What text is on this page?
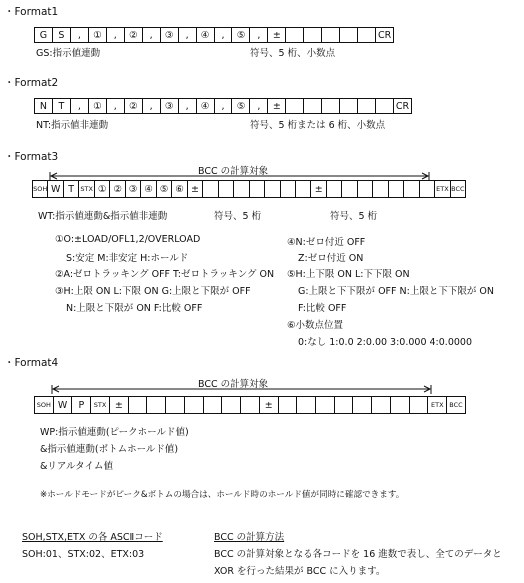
・Format1
G	S	,	①	,	②	,	③	,	④	,	⑤	,	±	CR
GS:指示値連動	符号、5 桁、小数点
・Format2
N	T	,	①	,	②	,	③	,	④	,	⑤	,	±	CR
NT:指示値非連動	符号、5 桁または 6 桁、小数点
・Format3
BCC の計算対象
SOH W T STX ① ② ③ ④ ⑤ ⑥ ±	±	ETX BCC
WT:指示値連動&指示値非連動	符号、5 桁	符号、5 桁
①O:±LOAD/OFL1,2/OVERLOAD
S:安定 M:非安定 H:ホールド
②A:ゼロトラッキング OFF T:ゼロトラッキング ON
③H:上限 ON L:下限 ON G:上限と下限が OFF
N:上限と下限が ON F:比較 OFF
④N:ゼロ付近 OFF
Z:ゼロ付近 ON
⑤H:上下限 ON L:下下限 ON
G:上限と下下限が OFF N:上限と下下限が ON
F:比較 OFF
⑥小数点位置
0:なし 1:0.0 2:0.00 3:0.000 4:0.0000
・Format4
BCC の計算対象
SOH W	P	STX ±	±	ETX BCC
WP:指示値連動(ピークホールド値)
&指示値連動(ボトムホールド値)
&リアルタイム値
※ホールドモードがピーク&ボトムの場合は、ホールド時のホールド値が同時に確認できます。
SOH,STX,ETX の各 ASCⅡコード
SOH:01、STX:02、ETX:03
BCC の計算方法
BCC の計算対象となる各コードを 16 進数で表し、全てのデータと
XOR を行った結果が BCC に入ります。
